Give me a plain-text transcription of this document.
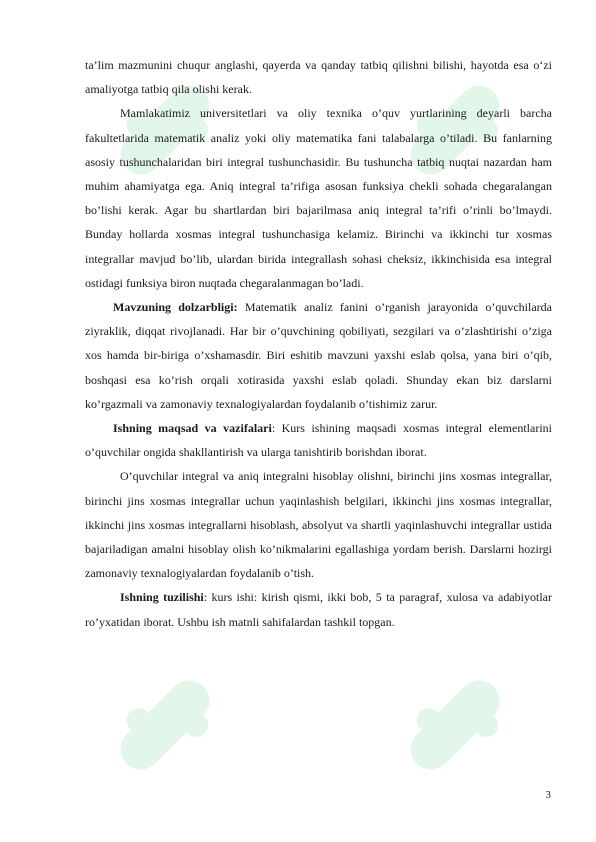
ta’lim mazmunini chuqur anglashi, qayerda va qanday tatbiq qilishni bilishi, hayotda esa o‘zi amaliyotga tatbiq qila olishi kerak.

Mamlakatimiz universitetlari va oliy texnika o’quv yurtlarining deyarli barcha fakultetlarida matematik analiz yoki oliy matematika fani talabalarga o’tiladi. Bu fanlarning asosiy tushunchalaridan biri integral tushunchasidir. Bu tushuncha tatbiq nuqtai nazardan ham muhim ahamiyatga ega. Aniq integral ta’rifiga asosan funksiya chekli sohada chegaralangan bo’lishi kerak. Agar bu shartlardan biri bajarilmasa aniq integral ta’rifi o’rinli bo’lmaydi. Bunday hollarda xosmas integral tushunchasiga kelamiz. Birinchi va ikkinchi tur xosmas integrallar mavjud bo’lib, ulardan birida integrallash sohasi cheksiz, ikkinchisida esa integral ostidagi funksiya biron nuqtada chegaralanmagan bo’ladi.

Mavzuning dolzarbligi: Matematik analiz fanini o’rganish jarayonida o’quvchilarda ziyraklik, diqqat rivojlanadi. Har bir o’quvchining qobiliyati, sezgilari va o’zlashtirishi o’ziga xos hamda bir-biriga o’xshamasdir. Biri eshitib mavzuni yaxshi eslab qolsa, yana biri o’qib, boshqasi esa ko’rish orqali xotirasida yaxshi eslab qoladi. Shunday ekan biz darslarni ko’rgazmali va zamonaviy texnalogiyalardan foydalanib o’tishimiz zarur.

Ishning maqsad va vazifalari: Kurs ishining maqsadi xosmas integral elementlarini o’quvchilar ongida shakllantirish va ularga tanishtirib borishdan iborat.

O’quvchilar integral va aniq integralni hisoblay olishni, birinchi jins xosmas integrallar, birinchi jins xosmas integrallar uchun yaqinlashish belgilari, ikkinchi jins xosmas integrallar, ikkinchi jins xosmas integrallarni hisoblash, absolyut va shartli yaqinlashuvchi integrallar ustida bajariladigan amalni hisoblay olish ko’nikmalarini egallashiga yordam berish. Darslarni hozirgi zamonaviy texnalogiyalardan foydalanib o’tish.

Ishning tuzilishi: kurs ishi: kirish qismi, ikki bob, 5 ta paragraf, xulosa va adabiyotlar ro’yxatidan iborat. Ushbu ish matnli sahifalardan tashkil topgan.

3
